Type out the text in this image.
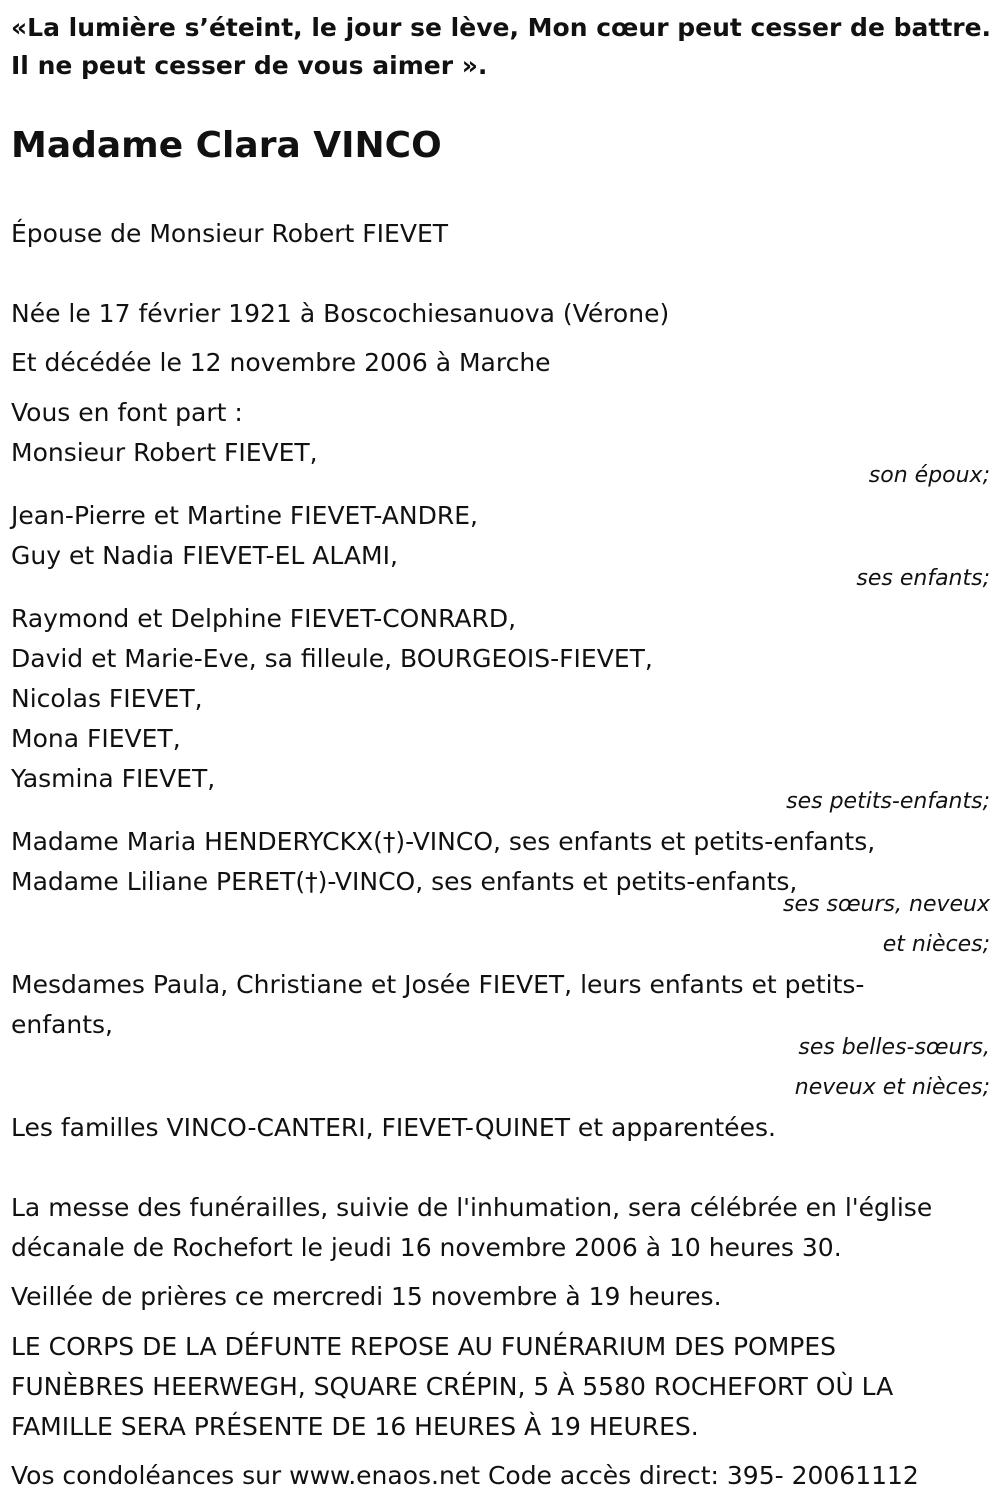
«La lumière s’éteint, le jour se lève, Mon cœur peut cesser de battre.
Il ne peut cesser de vous aimer ».
Madame Clara VINCO
Épouse de Monsieur Robert FIEVET
Née le 17 février 1921 à Boscochiesanuova (Vérone)
Et décédée le 12 novembre 2006 à Marche
Vous en font part :
Monsieur Robert FIEVET,
son époux;
Jean-Pierre et Martine FIEVET-ANDRE,
Guy et Nadia FIEVET-EL ALAMI,
ses enfants;
Raymond et Delphine FIEVET-CONRARD,
David et Marie-Eve, sa filleule, BOURGEOIS-FIEVET,
Nicolas FIEVET,
Mona FIEVET,
Yasmina FIEVET,
ses petits-enfants;
Madame Maria HENDERYCKX(†)-VINCO, ses enfants et petits-enfants,
Madame Liliane PERET(†)-VINCO, ses enfants et petits-enfants,
ses sœurs, neveux
et nièces;
Mesdames Paula, Christiane et Josée FIEVET, leurs enfants et petits-
enfants,
ses belles-sœurs,
neveux et nièces;
Les familles VINCO-CANTERI, FIEVET-QUINET et apparentées.
La messe des funérailles, suivie de l'inhumation, sera célébrée en l'église
décanale de Rochefort le jeudi 16 novembre 2006 à 10 heures 30.
Veillée de prières ce mercredi 15 novembre à 19 heures.
LE CORPS DE LA DÉFUNTE REPOSE AU FUNÉRARIUM DES POMPES
FUNÈBRES HEERWEGH, SQUARE CRÉPIN, 5 À 5580 ROCHEFORT OÙ LA
FAMILLE SERA PRÉSENTE DE 16 HEURES À 19 HEURES.
Vos condoléances sur www.enaos.net Code accès direct: 395- 20061112
